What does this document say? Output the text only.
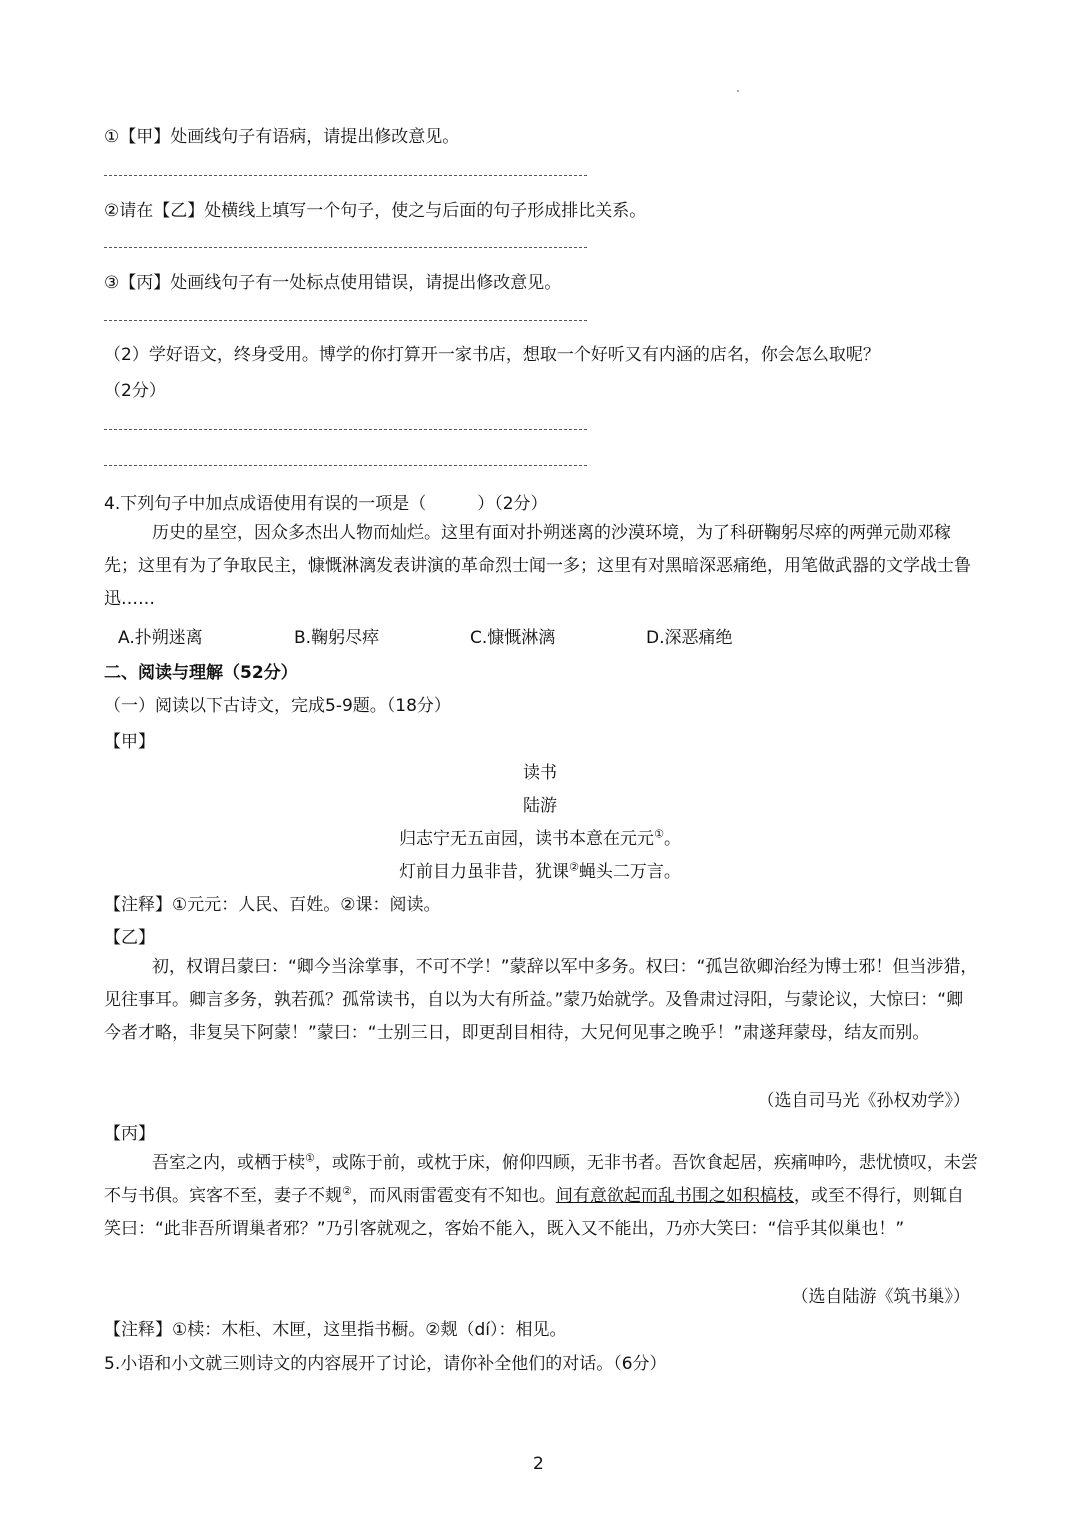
①【甲】处画线句子有语病，请提出修改意见。
②请在【乙】处横线上填写一个句子，使之与后面的句子形成排比关系。
③【丙】处画线句子有一处标点使用错误，请提出修改意见。
（2）学好语文，终身受用。博学的你打算开一家书店，想取一个好听又有内涵的店名，你会怎么取呢？
（2分）
4.下列句子中加点成语使用有误的一项是（　　　）（2分）
历史的星空，因众多杰出人物而灿烂。这里有面对扑朔迷离的沙漠环境，为了科研鞠躬尽瘁的两弹元勋邓稼先；这里有为了争取民主，慷慨淋漓发表讲演的革命烈士闻一多；这里有对黑暗深恶痛绝，用笔做武器的文学战士鲁迅……
A.扑朔迷离	B.鞠躬尽瘁	C.慷慨淋漓	D.深恶痛绝
二、阅读与理解（52分）
（一）阅读以下古诗文，完成5-9题。（18分）
【甲】
读书
陆游
归志宁无五亩园，读书本意在元元①。
灯前目力虽非昔，犹课②蝇头二万言。
【注释】①元元：人民、百姓。②课：阅读。
【乙】
初，权谓吕蒙曰：“卿今当涂掌事，不可不学！”蒙辞以军中多务。权曰：“孤岂欲卿治经为博士邪！但当涉猎，见往事耳。卿言多务，孰若孤？孤常读书，自以为大有所益。”蒙乃始就学。及鲁肃过浔阳，与蒙论议，大惊曰：“卿今者才略，非复吴下阿蒙！”蒙曰：“士别三日，即更刮目相待，大兄何见事之晚乎！”肃遂拜蒙母，结友而别。
（选自司马光《孙权劝学》）
【丙】
吾室之内，或栖于椟①，或陈于前，或枕于床，俯仰四顾，无非书者。吾饮食起居，疾痛呻吟，悲忧愤叹，未尝不与书俱。宾客不至，妻子不觌②，而风雨雷雹变有不知也。间有意欲起而乱书围之如积槁枝，或至不得行，则辄自笑曰：“此非吾所谓巢者邪？”乃引客就观之，客始不能入，既入又不能出，乃亦大笑曰：“信乎其似巢也！”
（选自陆游《筑书巢》）
【注释】①椟：木柜、木匣，这里指书橱。②觌（dí）：相见。
5.小语和小文就三则诗文的内容展开了讨论，请你补全他们的对话。（6分）
2
